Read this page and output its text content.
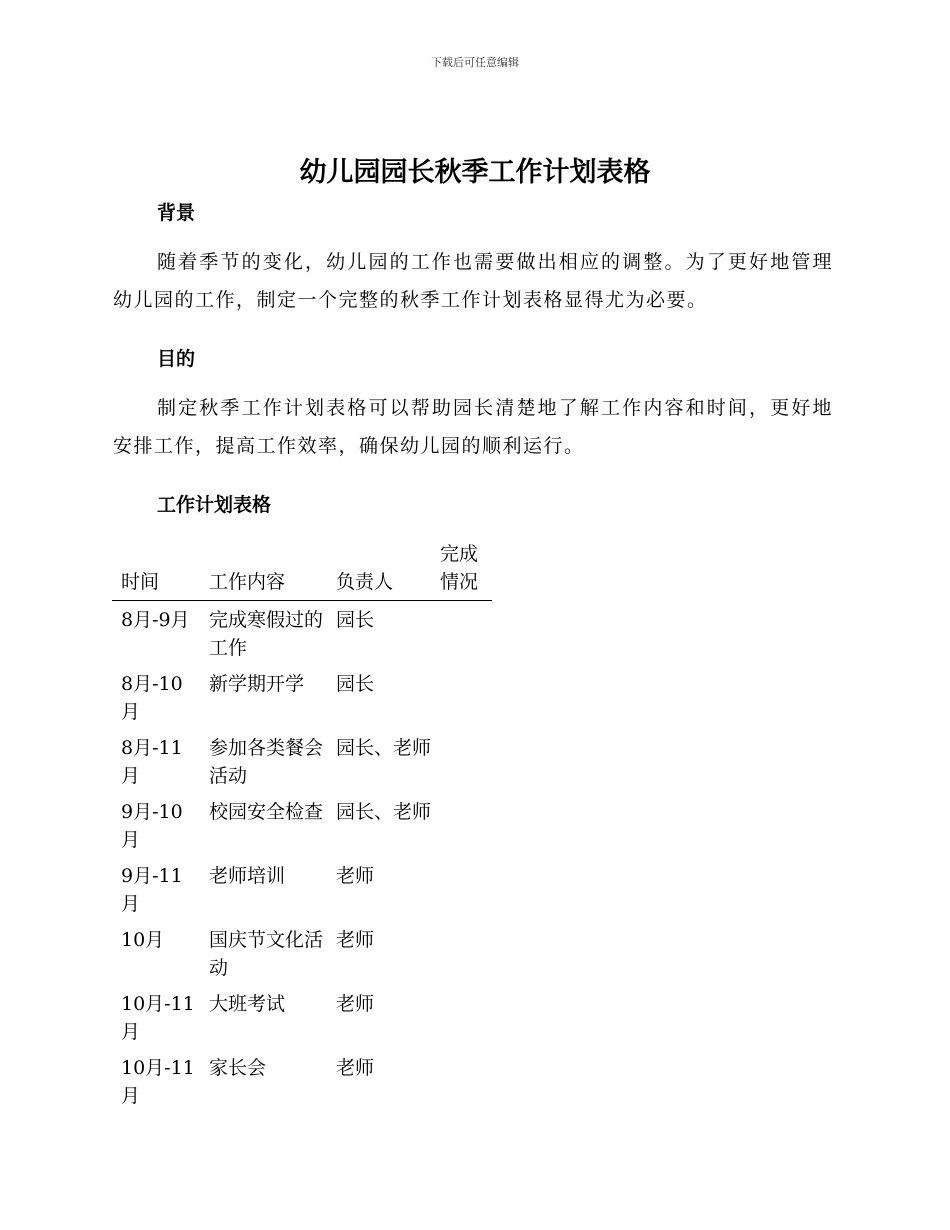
下载后可任意编辑
幼儿园园长秋季工作计划表格
背景

随着季节的变化，幼儿园的工作也需要做出相应的调整。为了更好地管理幼儿园的工作，制定一个完整的秋季工作计划表格显得尤为必要。

目的

制定秋季工作计划表格可以帮助园长清楚地了解工作内容和时间，更好地安排工作，提高工作效率，确保幼儿园的顺利运行。

工作计划表格
时间	工作内容	负责人	完成情况
8月-9月	完成寒假过的工作	园长	
8月-10月	新学期开学	园长	
8月-11月	参加各类餐会活动	园长、老师	
9月-10月	校园安全检查	园长、老师	
9月-11月	老师培训	老师	
10月	国庆节文化活动	老师	
10月-11月	大班考试	老师	
10月-11月	家长会	老师	
